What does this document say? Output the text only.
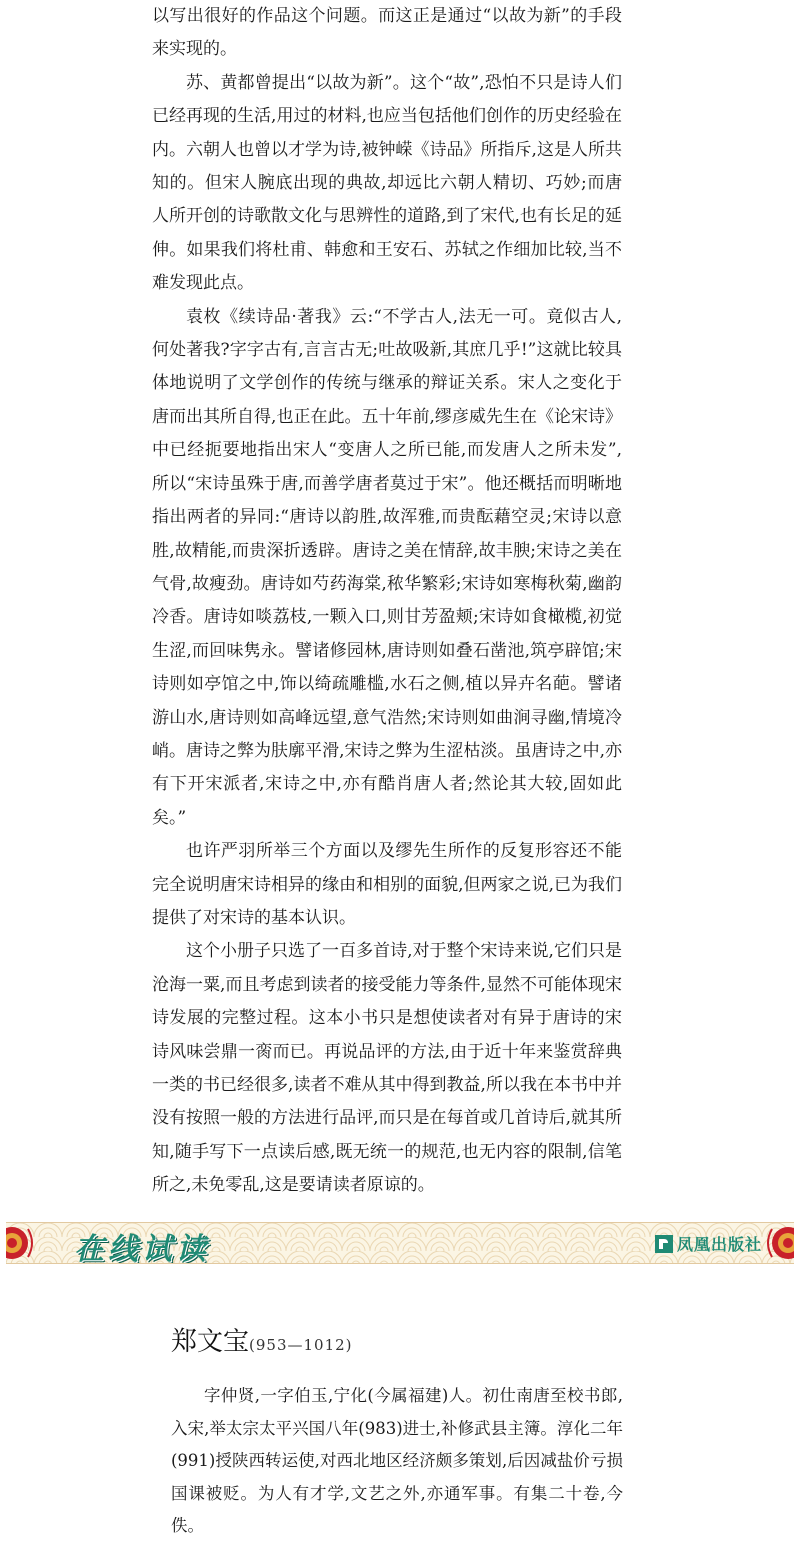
以写出很好的作品这个问题。而这正是通过“以故为新”的手段来实现的。

苏、黄都曾提出“以故为新”。这个“故”,恐怕不只是诗人们已经再现的生活,用过的材料,也应当包括他们创作的历史经验在内。六朝人也曾以才学为诗,被钟嵘《诗品》所指斥,这是人所共知的。但宋人腕底出现的典故,却远比六朝人精切、巧妙;而唐人所开创的诗歌散文化与思辨性的道路,到了宋代,也有长足的延伸。如果我们将杜甫、韩愈和王安石、苏轼之作细加比较,当不难发现此点。

袁枚《续诗品·著我》云:“不学古人,法无一可。竟似古人,何处著我?字字古有,言言古无;吐故吸新,其庶几乎!”这就比较具体地说明了文学创作的传统与继承的辩证关系。宋人之变化于唐而出其所自得,也正在此。五十年前,缪彦威先生在《论宋诗》中已经扼要地指出宋人“变唐人之所已能,而发唐人之所未发”,所以“宋诗虽殊于唐,而善学唐者莫过于宋”。他还概括而明晰地指出两者的异同:“唐诗以韵胜,故浑雅,而贵酝藉空灵;宋诗以意胜,故精能,而贵深折透辟。唐诗之美在情辞,故丰腴;宋诗之美在气骨,故瘦劲。唐诗如芍药海棠,秾华繁彩;宋诗如寒梅秋菊,幽韵冷香。唐诗如啖荔枝,一颗入口,则甘芳盈颊;宋诗如食橄榄,初觉生涩,而回味隽永。譬诸修园林,唐诗则如叠石凿池,筑亭辟馆;宋诗则如亭馆之中,饰以绮疏雕槛,水石之侧,植以异卉名葩。譬诸游山水,唐诗则如高峰远望,意气浩然;宋诗则如曲涧寻幽,情境冷峭。唐诗之弊为肤廓平滑,宋诗之弊为生涩枯淡。虽唐诗之中,亦有下开宋派者,宋诗之中,亦有酷肖唐人者;然论其大较,固如此矣。”

也许严羽所举三个方面以及缪先生所作的反复形容还不能完全说明唐宋诗相异的缘由和相别的面貌,但两家之说,已为我们提供了对宋诗的基本认识。

这个小册子只选了一百多首诗,对于整个宋诗来说,它们只是沧海一粟,而且考虑到读者的接受能力等条件,显然不可能体现宋诗发展的完整过程。这本小书只是想使读者对有异于唐诗的宋诗风味尝鼎一脔而已。再说品评的方法,由于近十年来鉴赏辞典一类的书已经很多,读者不难从其中得到教益,所以我在本书中并没有按照一般的方法进行品评,而只是在每首或几首诗后,就其所知,随手写下一点读后感,既无统一的规范,也无内容的限制,信笔所之,未免零乱,这是要请读者原谅的。

在线试读	凤凰出版社
郑文宝(953—1012)

字仲贤,一字伯玉,宁化(今属福建)人。初仕南唐至校书郎,入宋,举太宗太平兴国八年(983)进士,补修武县主簿。淳化二年(991)授陕西转运使,对西北地区经济颇多策划,后因减盐价亏损国课被贬。为人有才学,文艺之外,亦通军事。有集二十卷,今佚。
